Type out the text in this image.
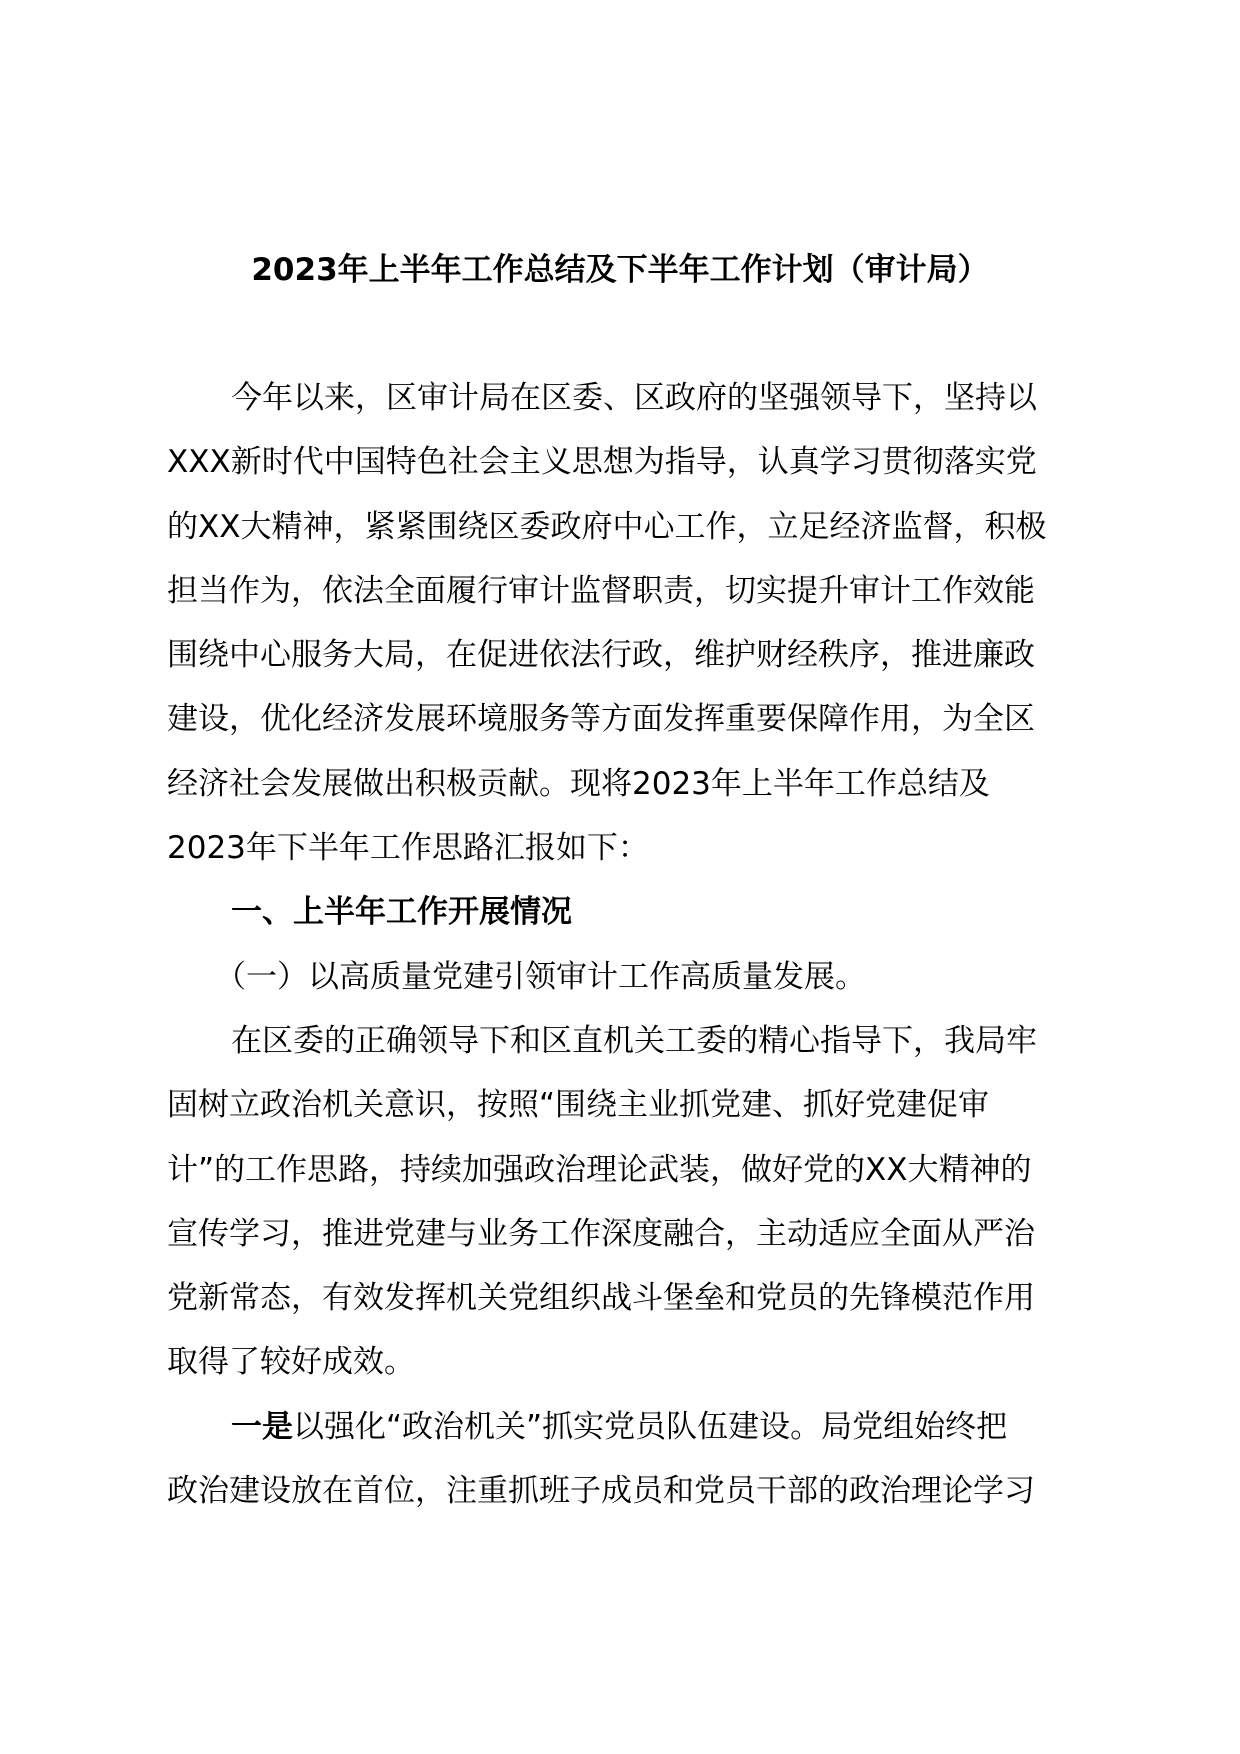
2023年上半年工作总结及下半年工作计划（审计局）
今年以来，区审计局在区委、区政府的坚强领导下，坚持以
XXX新时代中国特色社会主义思想为指导，认真学习贯彻落实党
的XX大精神，紧紧围绕区委政府中心工作，立足经济监督，积极
担当作为，依法全面履行审计监督职责，切实提升审计工作效能
围绕中心服务大局，在促进依法行政，维护财经秩序，推进廉政
建设，优化经济发展环境服务等方面发挥重要保障作用，为全区
经济社会发展做出积极贡献。现将2023年上半年工作总结及
2023年下半年工作思路汇报如下：
一、上半年工作开展情况
（一）以高质量党建引领审计工作高质量发展。
在区委的正确领导下和区直机关工委的精心指导下，我局牢
固树立政治机关意识，按照“围绕主业抓党建、抓好党建促审
计”的工作思路，持续加强政治理论武装，做好党的XX大精神的
宣传学习，推进党建与业务工作深度融合，主动适应全面从严治
党新常态，有效发挥机关党组织战斗堡垒和党员的先锋模范作用
取得了较好成效。
一是以强化“政治机关”抓实党员队伍建设。局党组始终把
政治建设放在首位，注重抓班子成员和党员干部的政治理论学习
